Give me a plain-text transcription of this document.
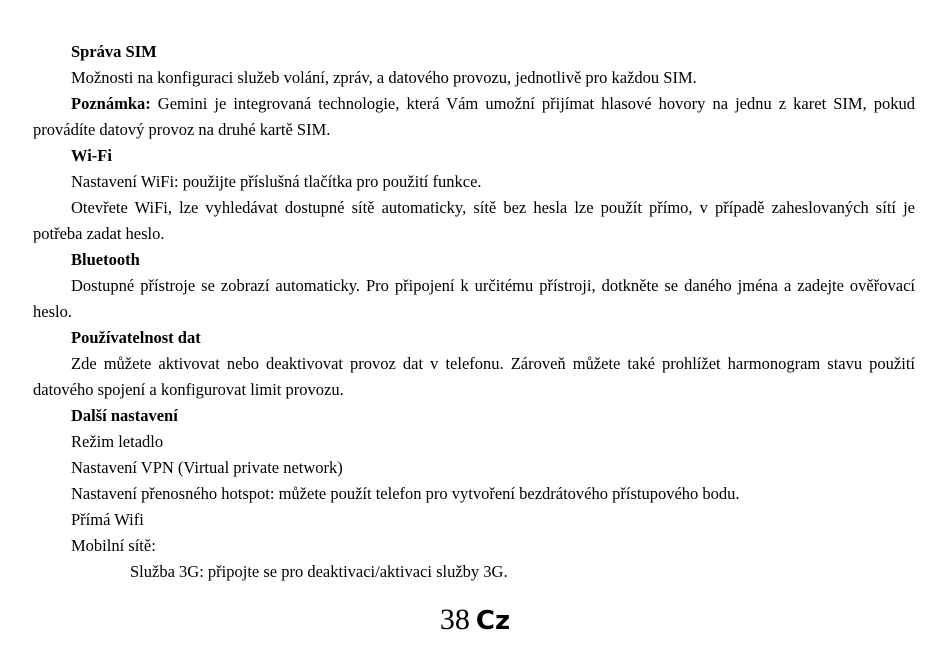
Správa SIM

Možnosti na konfiguraci služeb volání, zpráv, a datového provozu, jednotlivě pro každou SIM.

Poznámka: Gemini je integrovaná technologie, která Vám umožní přijímat hlasové hovory na jednu z karet SIM, pokud provádíte datový provoz na druhé kartě SIM.

Wi-Fi

Nastavení WiFi: použijte příslušná tlačítka pro použití funkce.

Otevřete WiFi, lze vyhledávat dostupné sítě automaticky, sítě bez hesla lze použít přímo, v případě zaheslovaných sítí je potřeba zadat heslo.

Bluetooth

Dostupné přístroje se zobrazí automaticky. Pro připojení k určitému přístroji, dotkněte se daného jména a zadejte ověřovací heslo.

Používatelnost dat

Zde můžete aktivovat nebo deaktivovat provoz dat v telefonu. Zároveň můžete také prohlížet harmonogram stavu použití datového spojení a konfigurovat limit provozu.

Další nastavení

Režim letadlo

Nastavení VPN (Virtual private network)

Nastavení přenosného hotspot: můžete použít telefon pro vytvoření bezdrátového přístupového bodu.

Přímá Wifi

Mobilní sítě:

Služba 3G: připojte se pro deaktivaci/aktivaci služby 3G.

38 Cz
